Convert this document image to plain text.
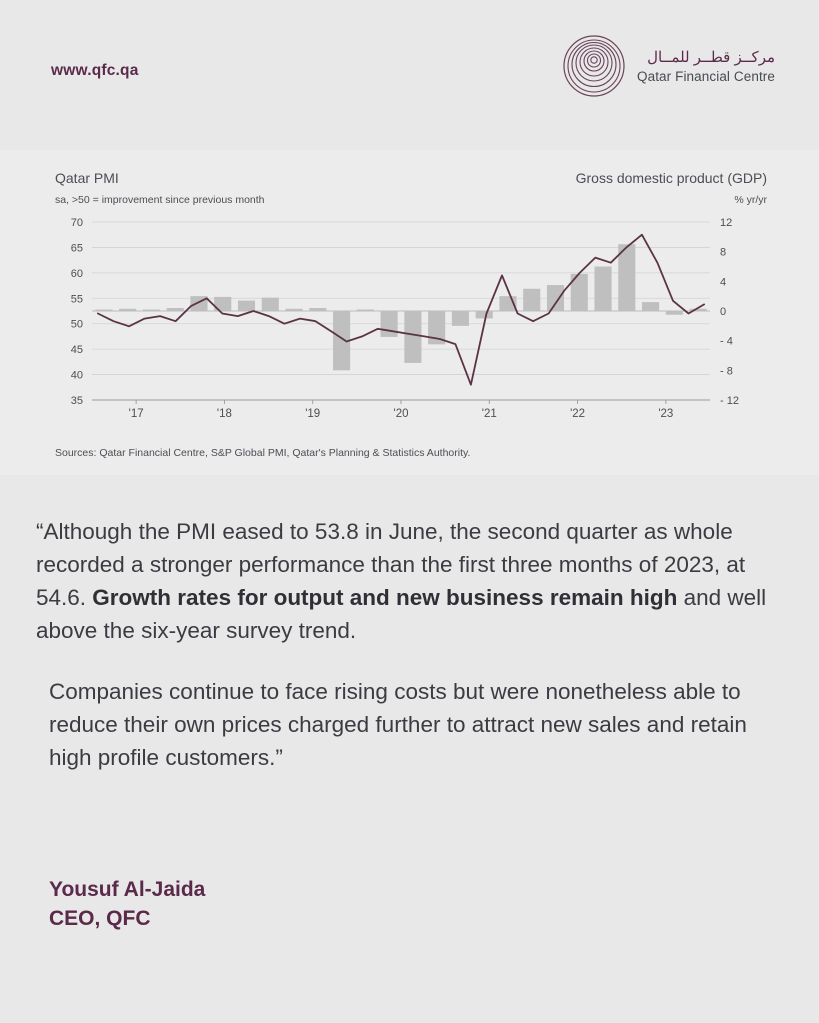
www.qfc.qa
مركــز قطــر للمــال
Qatar Financial Centre
Qatar PMI
sa, >50 = improvement since previous month
Gross domestic product (GDP)
% yr/yr
35
40
45
50
55
60
65
70
- 12
- 8
- 4
0
4
8
12
'17	'18	'19	'20	'21	'22	'23
Sources: Qatar Financial Centre, S&P Global PMI, Qatar's Planning & Statistics Authority.
“Although the PMI eased to 53.8 in June, the second quarter as whole recorded a stronger performance than the first three months of 2023, at 54.6. Growth rates for output and new business remain high and well above the six-year survey trend.
Companies continue to face rising costs but were nonetheless able to reduce their own prices charged further to attract new sales and retain high profile customers.”
Yousuf Al-Jaida
CEO, QFC
